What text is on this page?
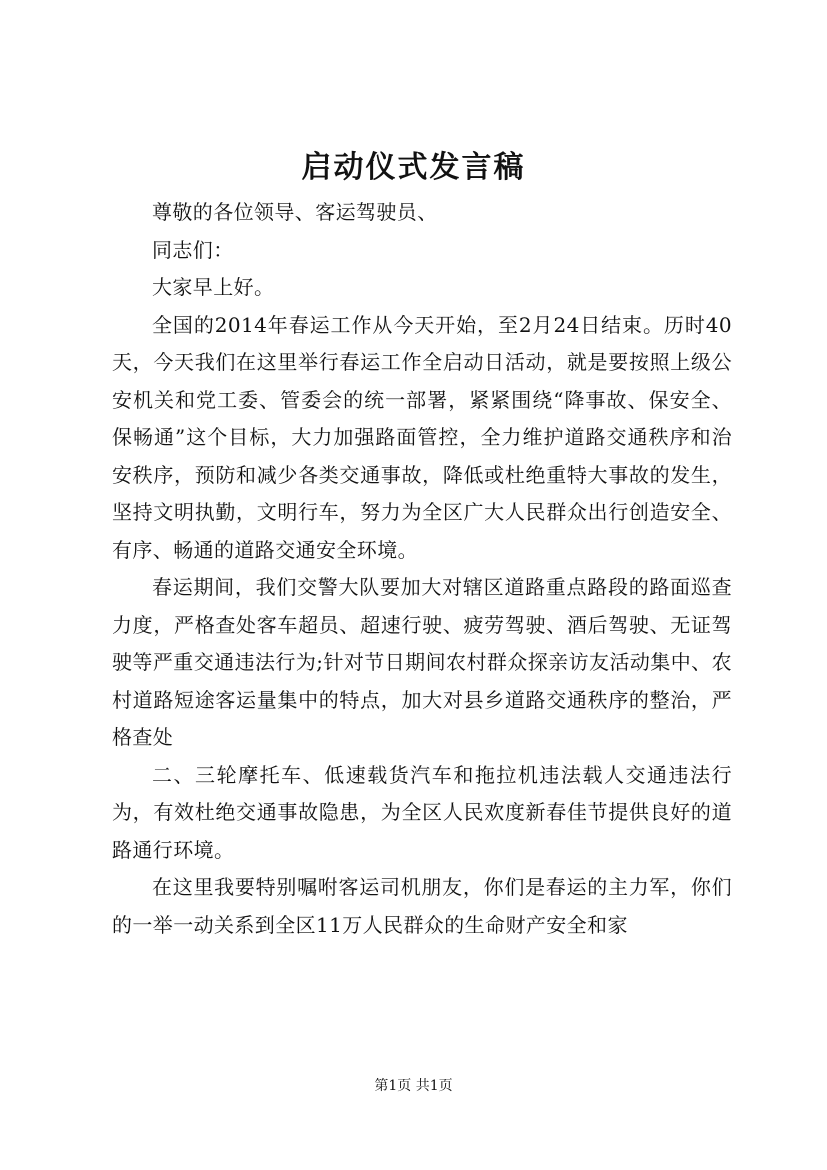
启动仪式发言稿

尊敬的各位领导、客运驾驶员、

同志们：

大家早上好。

全国的2014年春运工作从今天开始，至2月24日结束。历时40天，今天我们在这里举行春运工作全启动日活动，就是要按照上级公安机关和党工委、管委会的统一部署，紧紧围绕“降事故、保安全、保畅通”这个目标，大力加强路面管控，全力维护道路交通秩序和治安秩序，预防和减少各类交通事故，降低或杜绝重特大事故的发生，坚持文明执勤，文明行车，努力为全区广大人民群众出行创造安全、有序、畅通的道路交通安全环境。

春运期间，我们交警大队要加大对辖区道路重点路段的路面巡查力度，严格查处客车超员、超速行驶、疲劳驾驶、酒后驾驶、无证驾驶等严重交通违法行为;针对节日期间农村群众探亲访友活动集中、农村道路短途客运量集中的特点，加大对县乡道路交通秩序的整治，严格查处

二、三轮摩托车、低速载货汽车和拖拉机违法载人交通违法行为，有效杜绝交通事故隐患，为全区人民欢度新春佳节提供良好的道路通行环境。

在这里我要特别嘱咐客运司机朋友，你们是春运的主力军，你们的一举一动关系到全区11万人民群众的生命财产安全和家

第1页 共1页
